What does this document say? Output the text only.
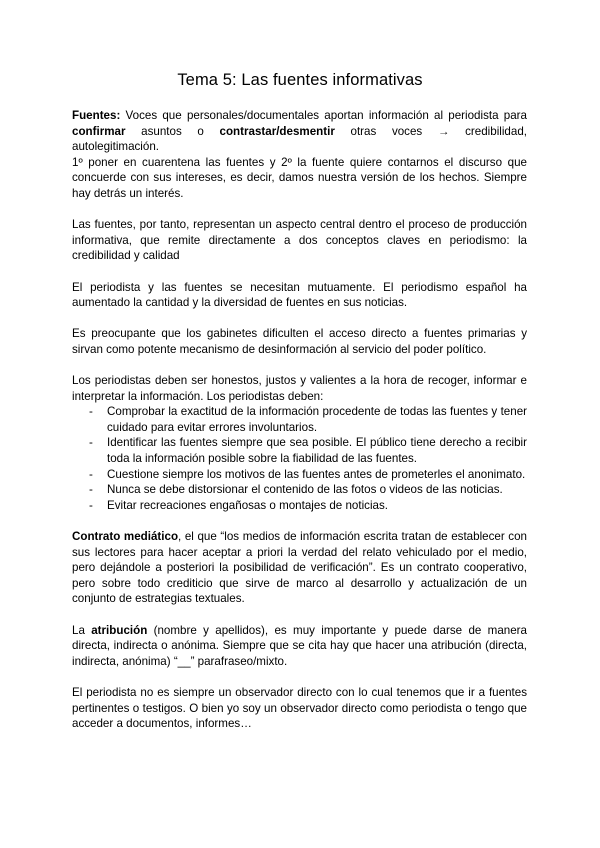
Tema 5: Las fuentes informativas

Fuentes: Voces que personales/documentales aportan información al periodista para confirmar asuntos o contrastar/desmentir otras voces → credibilidad, autolegitimación.

1º poner en cuarentena las fuentes y 2º la fuente quiere contarnos el discurso que concuerde con sus intereses, es decir, damos nuestra versión de los hechos. Siempre hay detrás un interés.

Las fuentes, por tanto, representan un aspecto central dentro el proceso de producción informativa, que remite directamente a dos conceptos claves en periodismo: la credibilidad y calidad

El periodista y las fuentes se necesitan mutuamente. El periodismo español ha aumentado la cantidad y la diversidad de fuentes en sus noticias.

Es preocupante que los gabinetes dificulten el acceso directo a fuentes primarias y sirvan como potente mecanismo de desinformación al servicio del poder político.

Los periodistas deben ser honestos, justos y valientes a la hora de recoger, informar e interpretar la información. Los periodistas deben:

- Comprobar la exactitud de la información procedente de todas las fuentes y tener cuidado para evitar errores involuntarios.
- Identificar las fuentes siempre que sea posible. El público tiene derecho a recibir toda la información posible sobre la fiabilidad de las fuentes.
- Cuestione siempre los motivos de las fuentes antes de prometerles el anonimato.
- Nunca se debe distorsionar el contenido de las fotos o videos de las noticias.
- Evitar recreaciones engañosas o montajes de noticias.

Contrato mediático, el que “los medios de información escrita tratan de establecer con sus lectores para hacer aceptar a priori la verdad del relato vehiculado por el medio, pero dejándole a posteriori la posibilidad de verificación”. Es un contrato cooperativo, pero sobre todo crediticio que sirve de marco al desarrollo y actualización de un conjunto de estrategias textuales.

La atribución (nombre y apellidos), es muy importante y puede darse de manera directa, indirecta o anónima. Siempre que se cita hay que hacer una atribución (directa, indirecta, anónima) “__” parafraseo/mixto.

El periodista no es siempre un observador directo con lo cual tenemos que ir a fuentes pertinentes o testigos. O bien yo soy un observador directo como periodista o tengo que acceder a documentos, informes…
